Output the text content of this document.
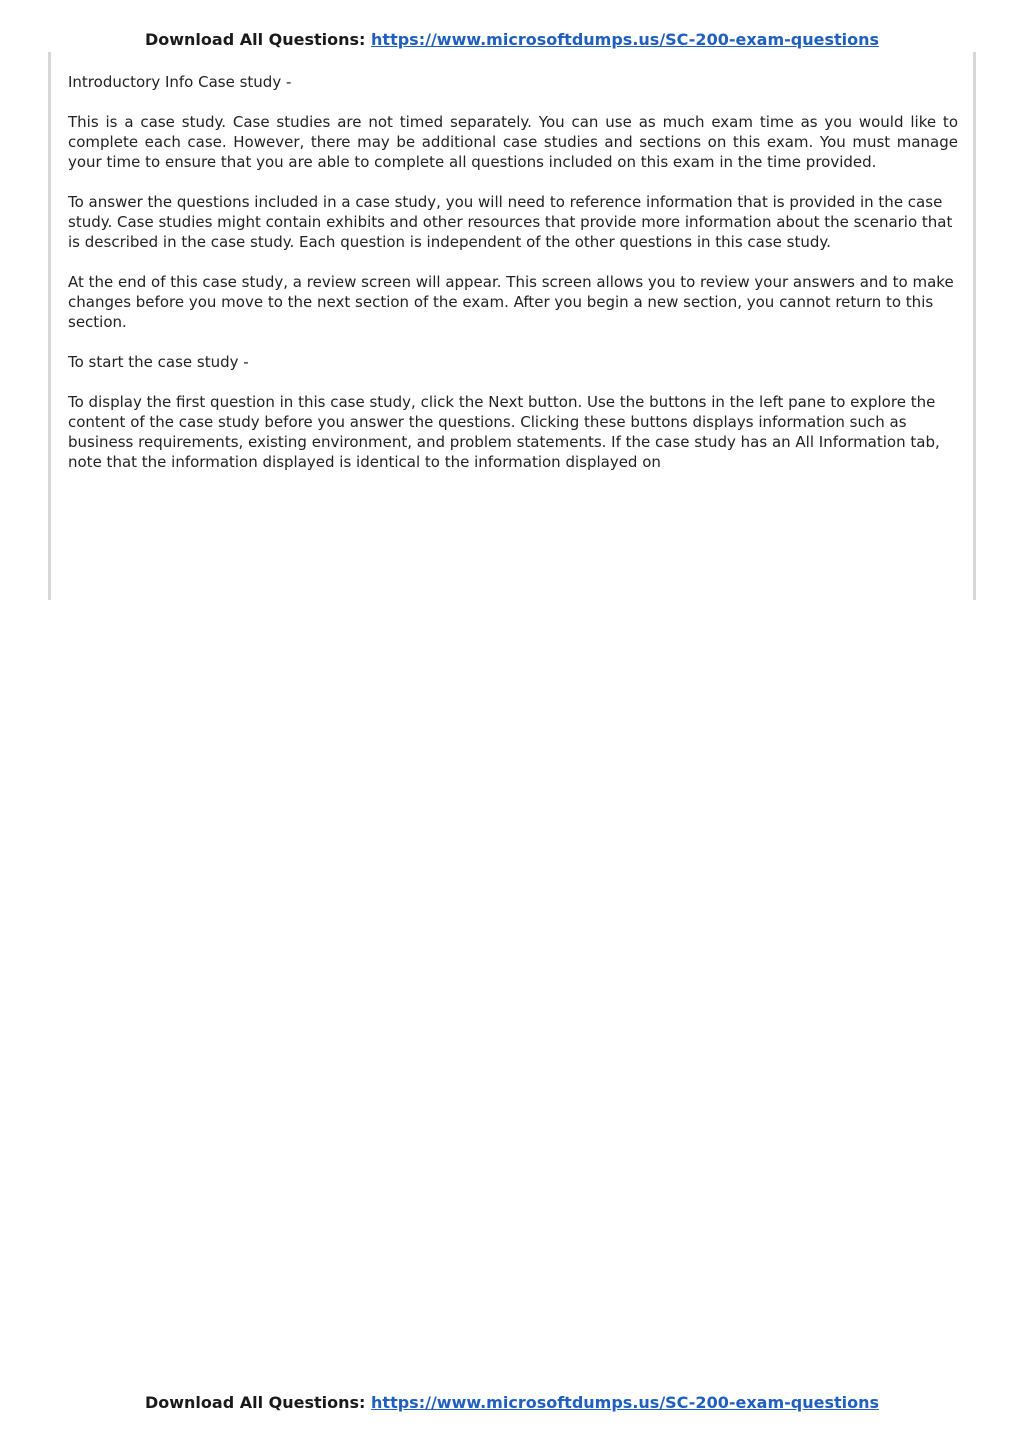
Download All Questions: https://www.microsoftdumps.us/SC-200-exam-questions

Introductory Info Case study -

This is a case study. Case studies are not timed separately. You can use as much exam time as you would like to complete each case. However, there may be additional case studies and sections on this exam. You must manage your time to ensure that you are able to complete all questions included on this exam in the time provided.

To answer the questions included in a case study, you will need to reference information that is provided in the case study. Case studies might contain exhibits and other resources that provide more information about the scenario that is described in the case study. Each question is independent of the other questions in this case study.

At the end of this case study, a review screen will appear. This screen allows you to review your answers and to make changes before you move to the next section of the exam. After you begin a new section, you cannot return to this section.

To start the case study -

To display the first question in this case study, click the Next button. Use the buttons in the left pane to explore the content of the case study before you answer the questions. Clicking these buttons displays information such as business requirements, existing environment, and problem statements. If the case study has an All Information tab, note that the information displayed is identical to the information displayed on

Download All Questions: https://www.microsoftdumps.us/SC-200-exam-questions
